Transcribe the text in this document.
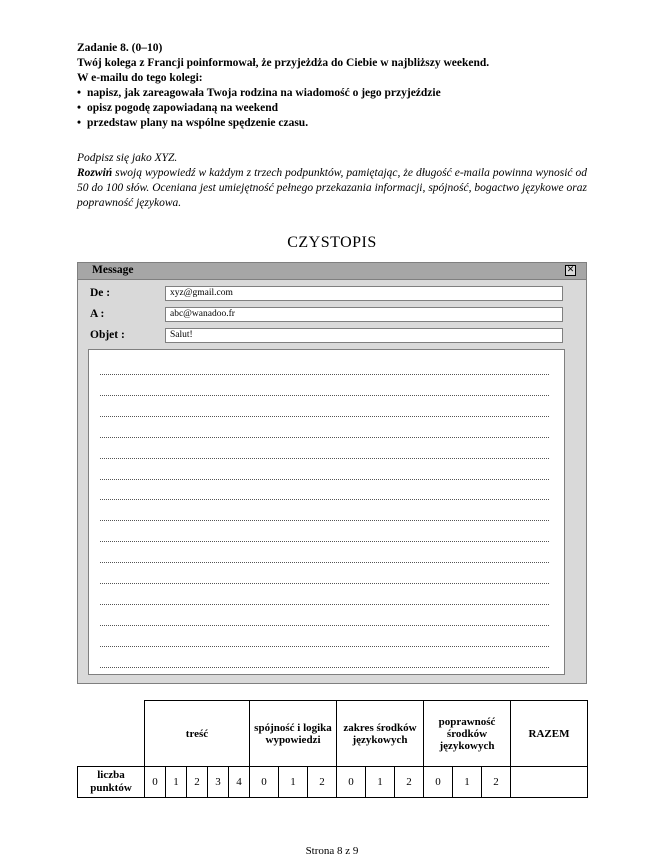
Zadanie 8. (0–10)
Twój kolega z Francji poinformował, że przyjeżdża do Ciebie w najbliższy weekend.
W e-mailu do tego kolegi:
• napisz, jak zareagowała Twoja rodzina na wiadomość o jego przyjeździe
• opisz pogodę zapowiadaną na weekend
• przedstaw plany na wspólne spędzenie czasu.

Podpisz się jako XYZ.

Rozwiń swoją wypowiedź w każdym z trzech podpunktów, pamiętając, że długość e-maila powinna wynosić od 50 do 100 słów. Oceniana jest umiejętność pełnego przekazania informacji, spójność, bogactwo językowe oraz poprawność językowa.

CZYSTOPIS
Message	✕
De :	xyz@gmail.com
A :	abc@wanadoo.fr
Objet :	Salut!
	treść					spójność i logika wypowiedzi			zakres środków językowych			poprawność środków językowych			RAZEM
liczba punktów	0	1	2	3	4	0	1	2	0	1	2	0	1	2	
Strona 8 z 9
